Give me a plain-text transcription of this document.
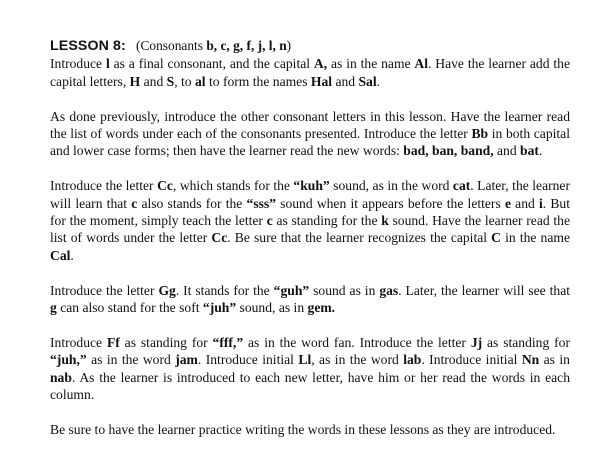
LESSON 8: (Consonants b, c, g, f, j, l, n)

Introduce l as a final consonant, and the capital A, as in the name Al. Have the learner add the capital letters, H and S, to al to form the names Hal and Sal.

As done previously, introduce the other consonant letters in this lesson. Have the learner read the list of words under each of the consonants presented. Introduce the letter Bb in both capital and lower case forms; then have the learner read the new words: bad, ban, band, and bat.

Introduce the letter Cc, which stands for the “kuh” sound, as in the word cat. Later, the learner will learn that c also stands for the “sss” sound when it appears before the letters e and i. But for the moment, simply teach the letter c as standing for the k sound. Have the learner read the list of words under the letter Cc. Be sure that the learner recognizes the capital C in the name Cal.

Introduce the letter Gg. It stands for the “guh” sound as in gas. Later, the learner will see that g can also stand for the soft “juh” sound, as in gem.

Introduce Ff as standing for “fff,” as in the word fan. Introduce the letter Jj as standing for “juh,” as in the word jam. Introduce initial Ll, as in the word lab. Introduce initial Nn as in nab. As the learner is introduced to each new letter, have him or her read the words in each column.

Be sure to have the learner practice writing the words in these lessons as they are introduced.
